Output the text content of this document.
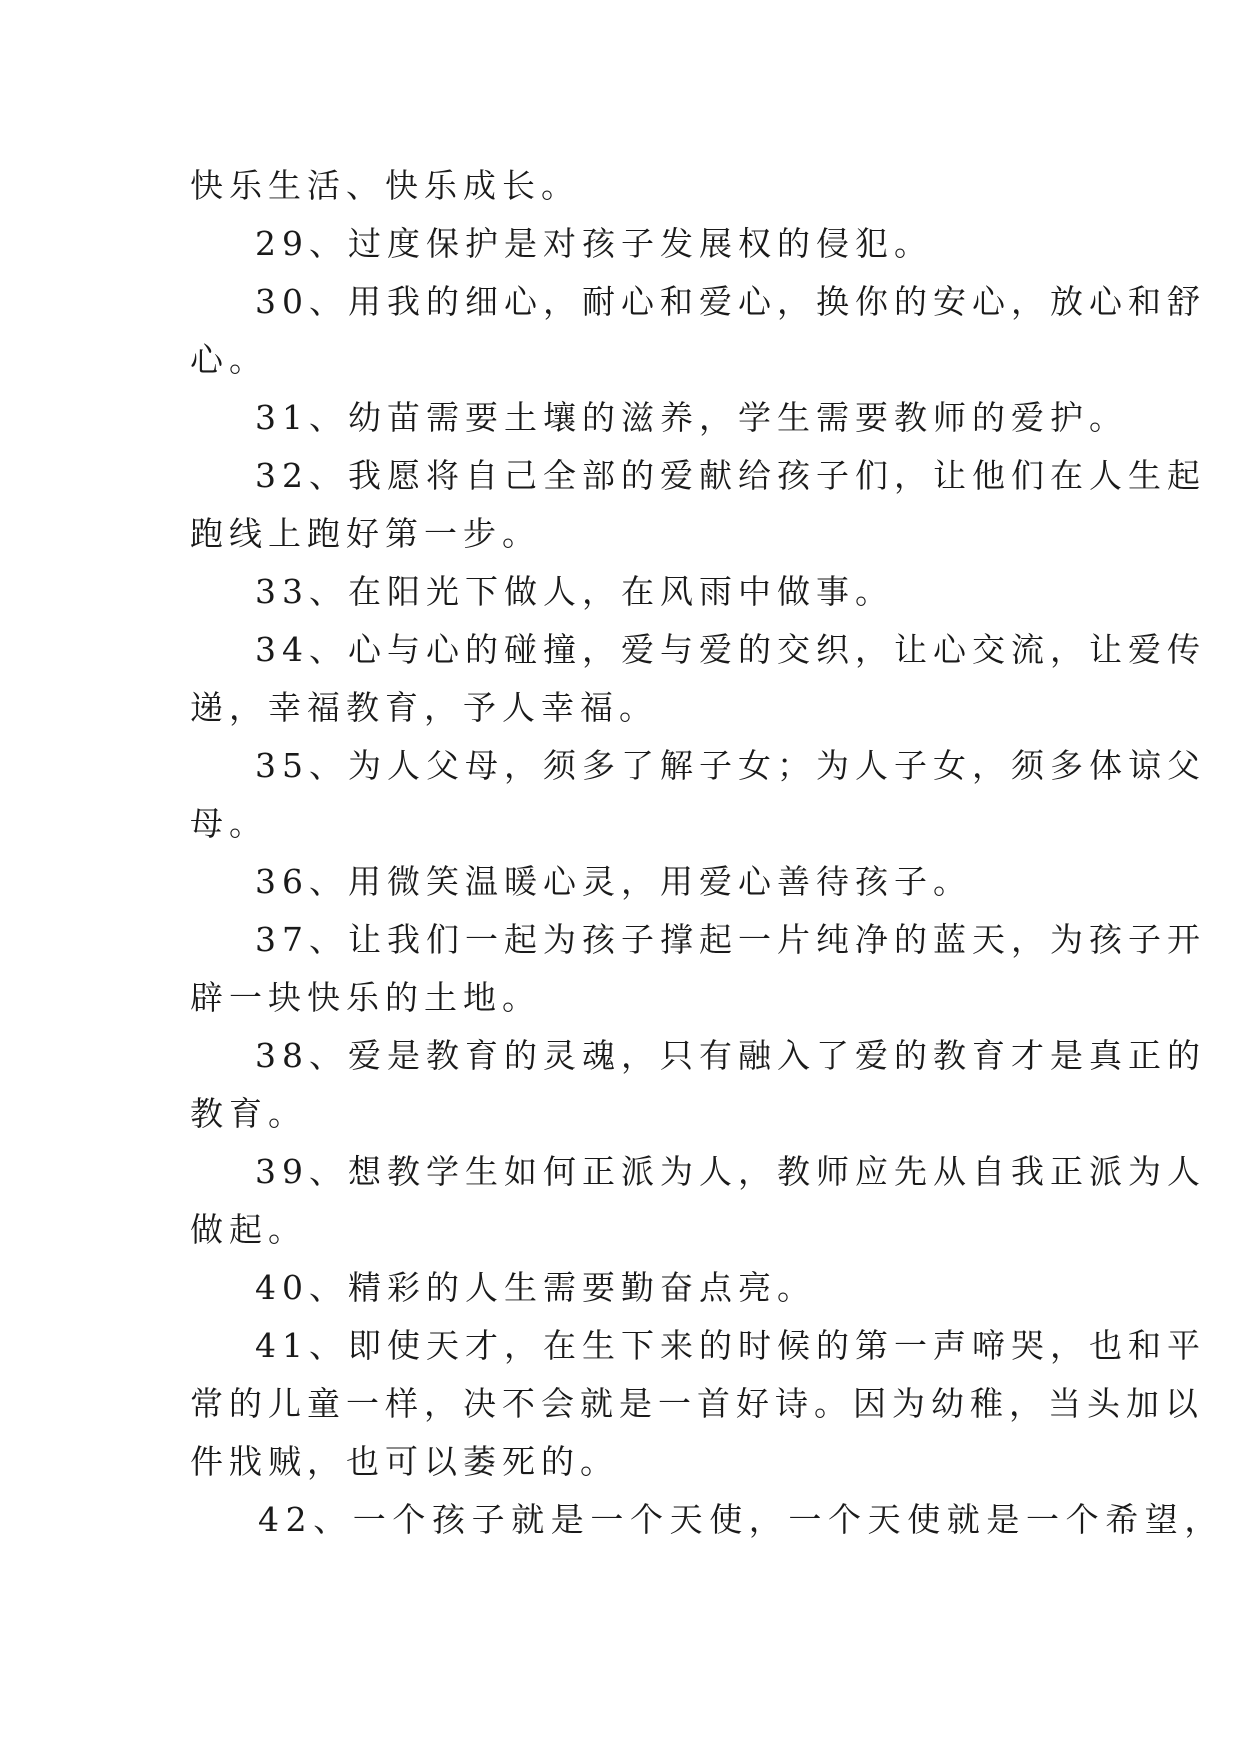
快乐生活、快乐成长。
29、过度保护是对孩子发展权的侵犯。
30、用我的细心，耐心和爱心，换你的安心，放心和舒
心。
31、幼苗需要土壤的滋养，学生需要教师的爱护。
32、我愿将自己全部的爱献给孩子们，让他们在人生起
跑线上跑好第一步。
33、在阳光下做人，在风雨中做事。
34、心与心的碰撞，爱与爱的交织，让心交流，让爱传
递，幸福教育，予人幸福。
35、为人父母，须多了解子女；为人子女，须多体谅父
母。
36、用微笑温暖心灵，用爱心善待孩子。
37、让我们一起为孩子撑起一片纯净的蓝天，为孩子开
辟一块快乐的土地。
38、爱是教育的灵魂，只有融入了爱的教育才是真正的
教育。
39、想教学生如何正派为人，教师应先从自我正派为人
做起。
40、精彩的人生需要勤奋点亮。
41、即使天才，在生下来的时候的第一声啼哭，也和平
常的儿童一样，决不会就是一首好诗。因为幼稚，当头加以
件戕贼，也可以萎死的。
42、一个孩子就是一个天使，一个天使就是一个希望，
